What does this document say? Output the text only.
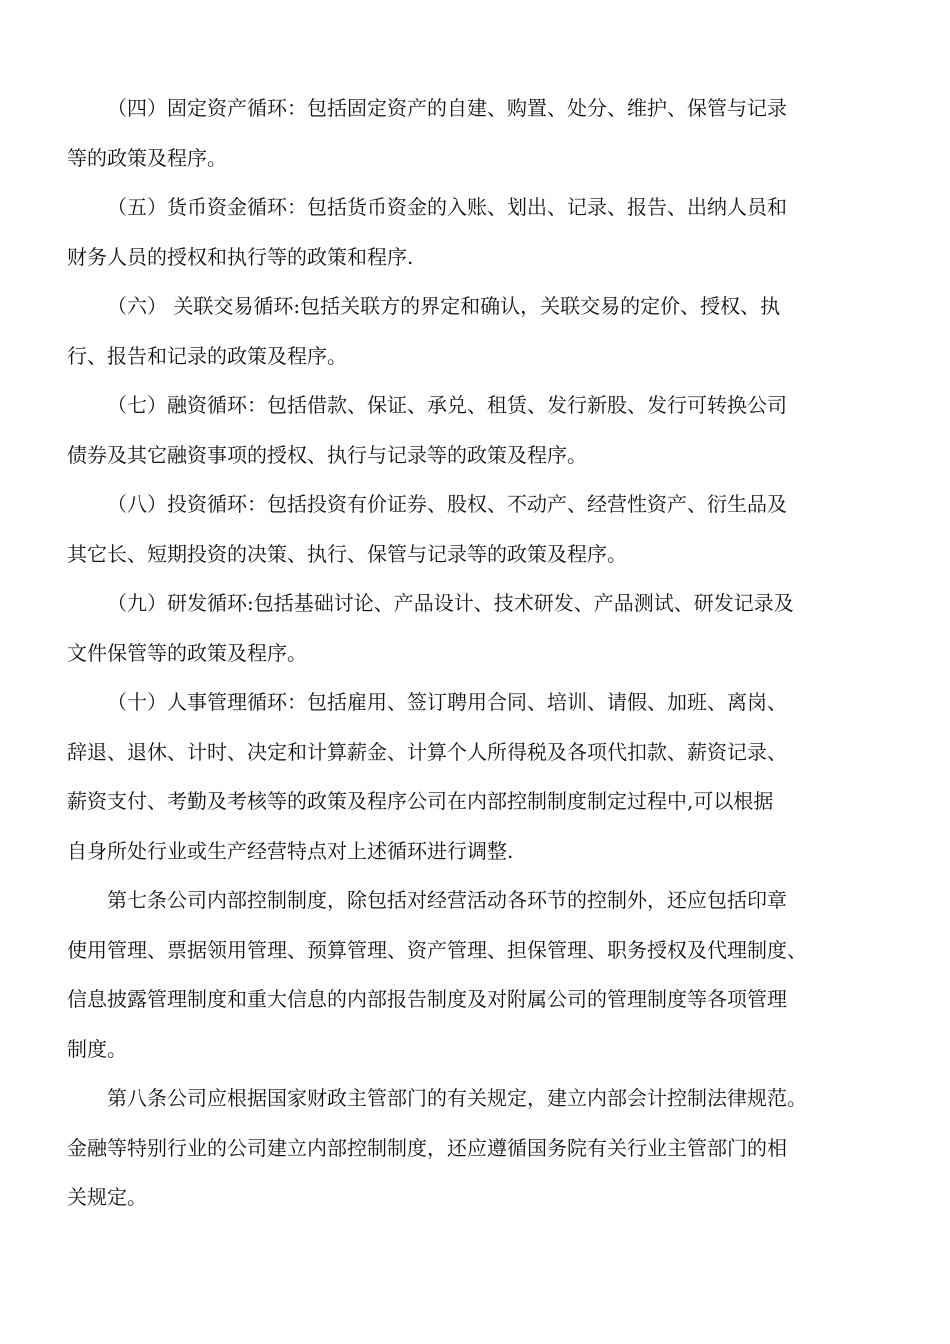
（四）固定资产循环：包括固定资产的自建、购置、处分、维护、保管与记录
等的政策及程序。

（五）货币资金循环：包括货币资金的入账、划出、记录、报告、出纳人员和
财务人员的授权和执行等的政策和程序.

（六） 关联交易循环:包括关联方的界定和确认，关联交易的定价、授权、执
行、报告和记录的政策及程序。

（七）融资循环：包括借款、保证、承兑、租赁、发行新股、发行可转换公司
债券及其它融资事项的授权、执行与记录等的政策及程序。

（八）投资循环：包括投资有价证券、股权、不动产、经营性资产、衍生品及
其它长、短期投资的决策、执行、保管与记录等的政策及程序。

（九）研发循环:包括基础讨论、产品设计、技术研发、产品测试、研发记录及
文件保管等的政策及程序。

（十）人事管理循环：包括雇用、签订聘用合同、培训、请假、加班、离岗、
辞退、退休、计时、决定和计算薪金、计算个人所得税及各项代扣款、薪资记录、
薪资支付、考勤及考核等的政策及程序公司在内部控制制度制定过程中,可以根据
自身所处行业或生产经营特点对上述循环进行调整.

第七条公司内部控制制度，除包括对经营活动各环节的控制外，还应包括印章
使用管理、票据领用管理、预算管理、资产管理、担保管理、职务授权及代理制度、
信息披露管理制度和重大信息的内部报告制度及对附属公司的管理制度等各项管理
制度。

第八条公司应根据国家财政主管部门的有关规定，建立内部会计控制法律规范。
金融等特别行业的公司建立内部控制制度，还应遵循国务院有关行业主管部门的相
关规定。
